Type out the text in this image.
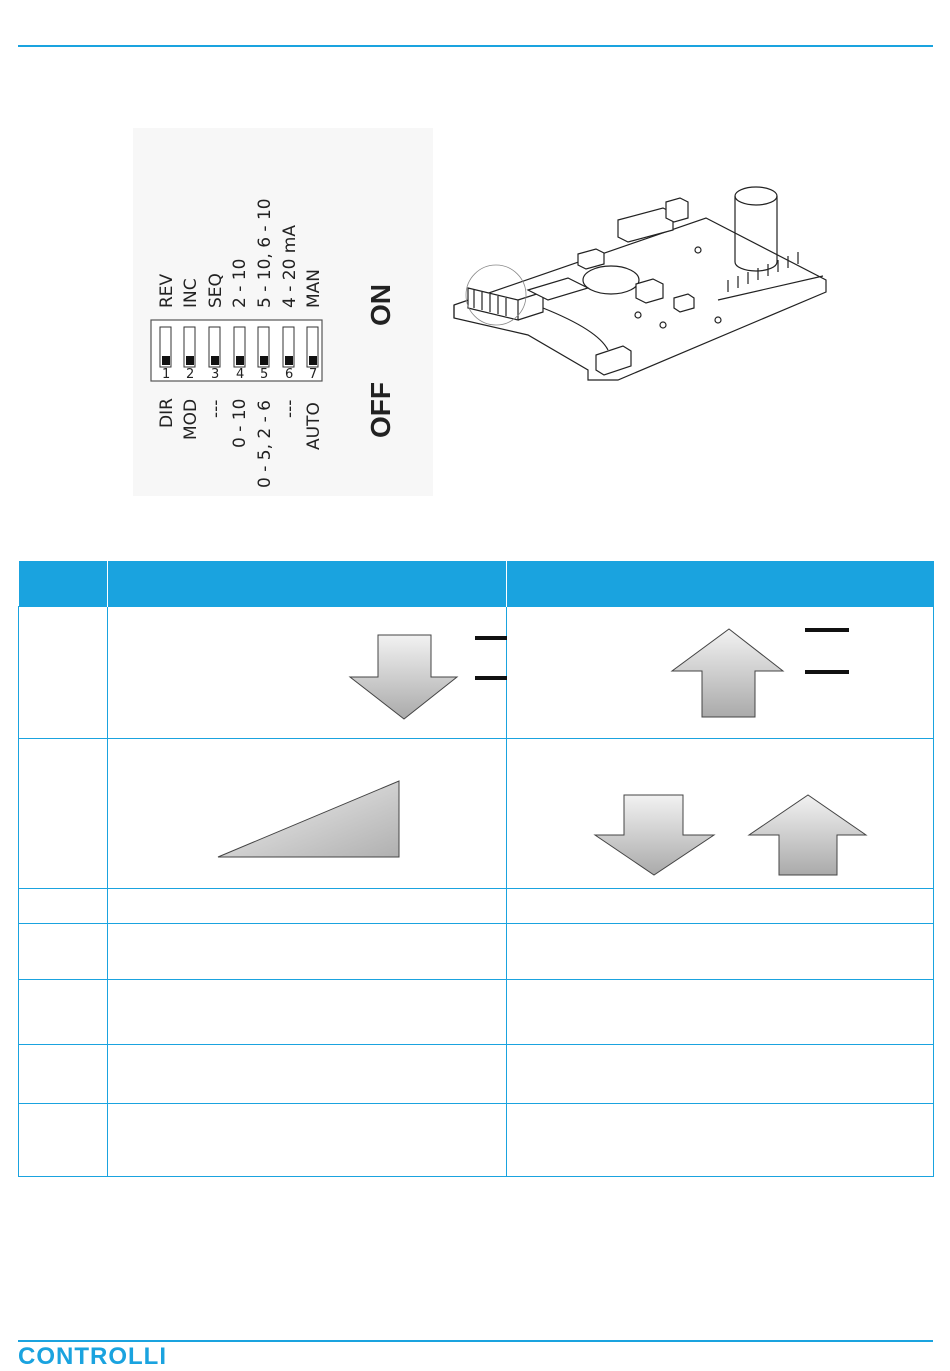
REV INC SEQ 2 - 10 5 - 10, 6 - 10 4 - 20 mA MAN
1 2 3 4 5 6 7
DIR MOD --- 0 - 10 0 - 5, 2 - 6 --- AUTO
ON
OFF

CONTROLLI
